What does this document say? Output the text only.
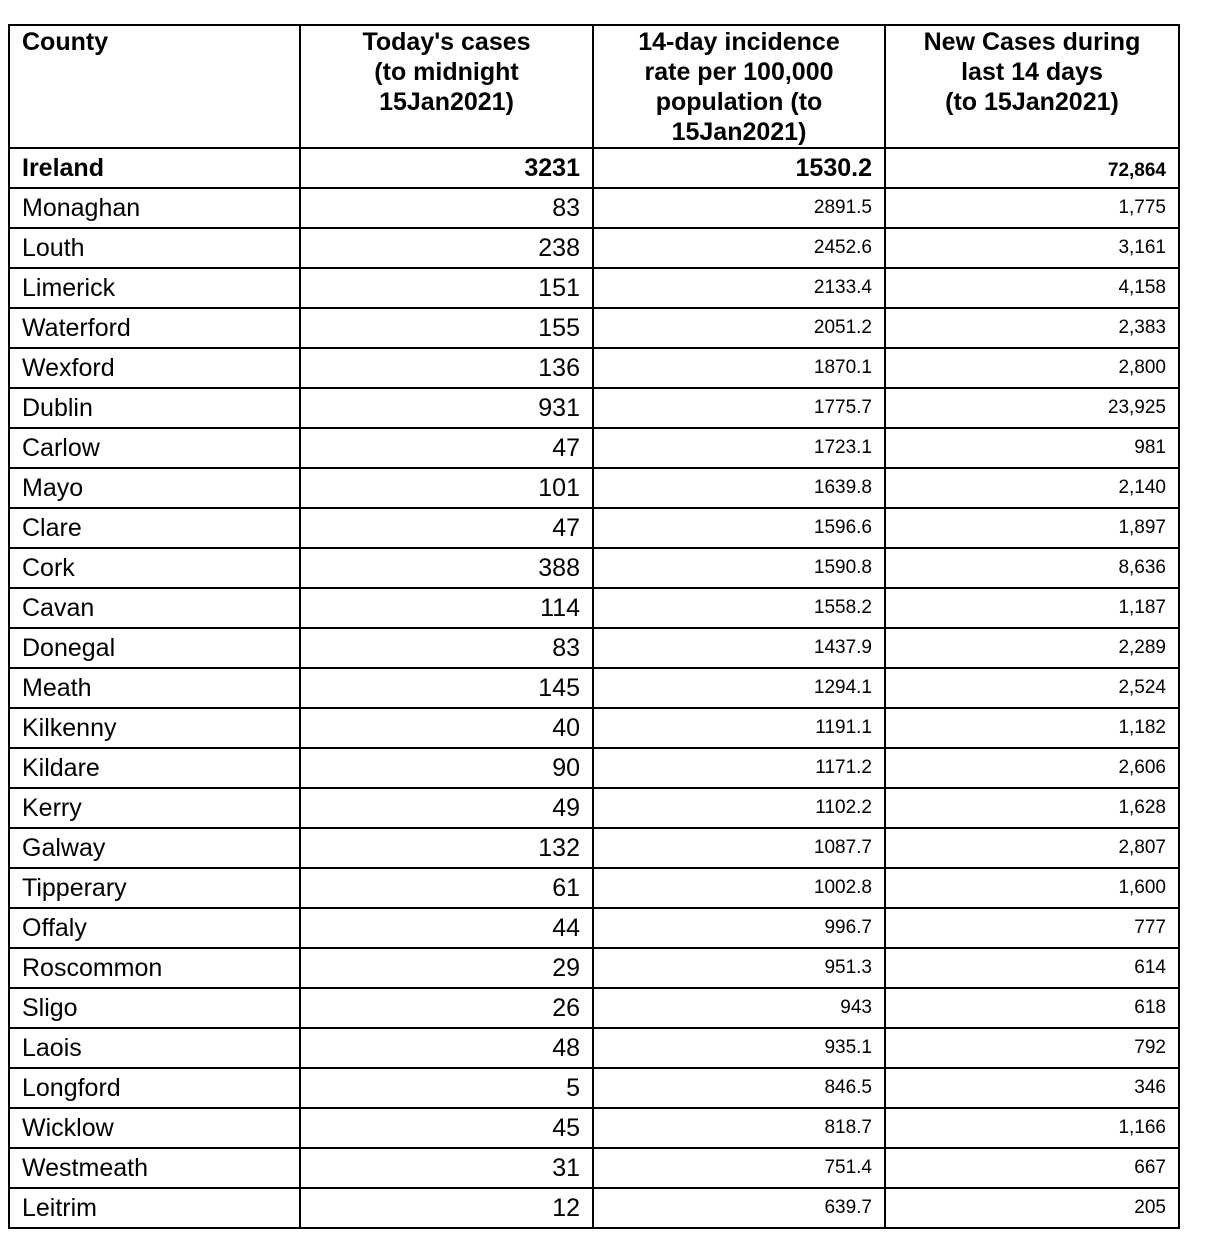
County	Today's cases
(to midnight
15Jan2021)	14-day incidence
rate per 100,000
population (to
15Jan2021)	New Cases during
last 14 days
(to 15Jan2021)
Ireland	3231	1530.2	72,864
Monaghan	83	2891.5	1,775
Louth	238	2452.6	3,161
Limerick	151	2133.4	4,158
Waterford	155	2051.2	2,383
Wexford	136	1870.1	2,800
Dublin	931	1775.7	23,925
Carlow	47	1723.1	981
Mayo	101	1639.8	2,140
Clare	47	1596.6	1,897
Cork	388	1590.8	8,636
Cavan	114	1558.2	1,187
Donegal	83	1437.9	2,289
Meath	145	1294.1	2,524
Kilkenny	40	1191.1	1,182
Kildare	90	1171.2	2,606
Kerry	49	1102.2	1,628
Galway	132	1087.7	2,807
Tipperary	61	1002.8	1,600
Offaly	44	996.7	777
Roscommon	29	951.3	614
Sligo	26	943	618
Laois	48	935.1	792
Longford	5	846.5	346
Wicklow	45	818.7	1,166
Westmeath	31	751.4	667
Leitrim	12	639.7	205
